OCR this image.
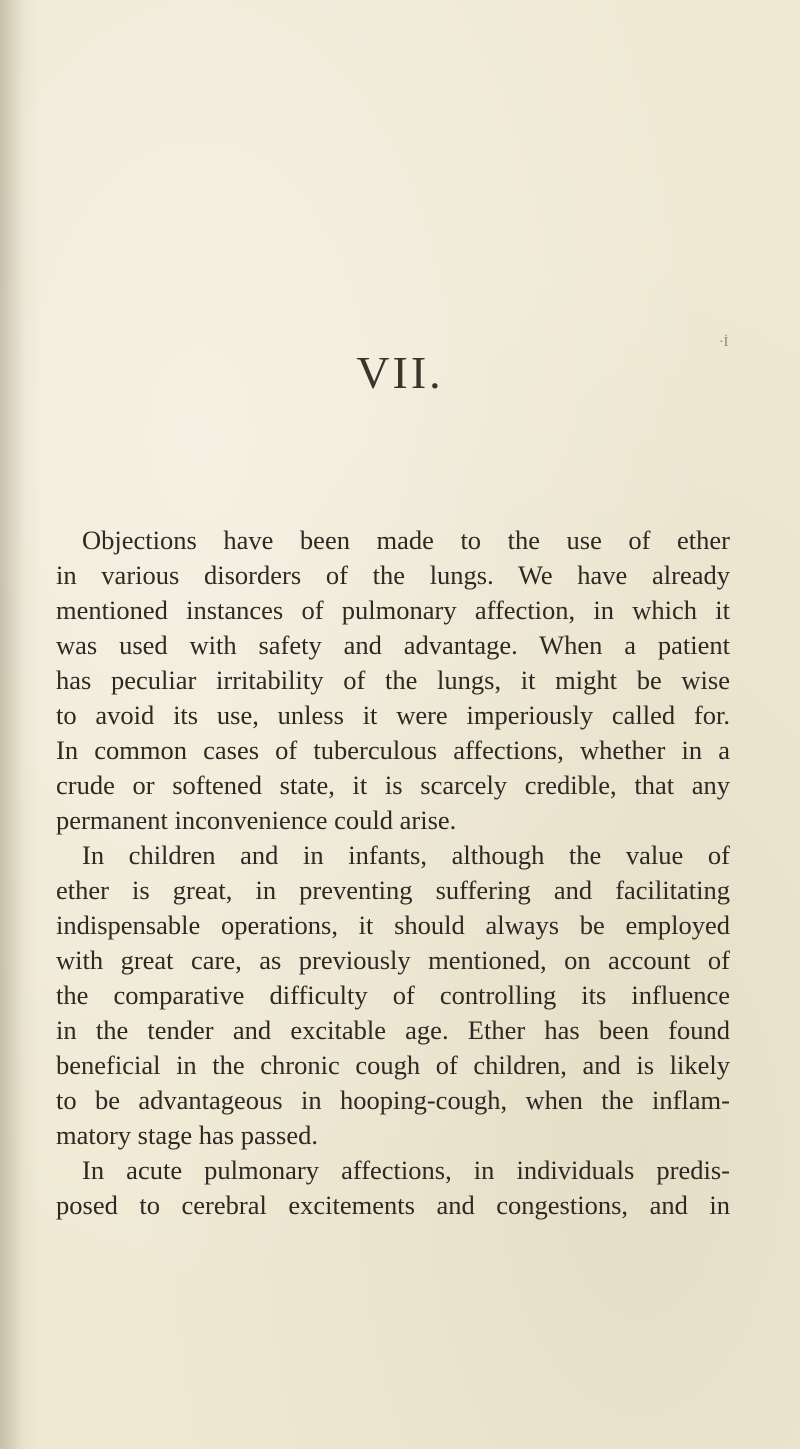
·İ
VII.
Objections have been made to the use of ether
in various disorders of the lungs. We have already
mentioned instances of pulmonary affection, in which it
was used with safety and advantage. When a patient
has peculiar irritability of the lungs, it might be wise
to avoid its use, unless it were imperiously called for.
In common cases of tuberculous affections, whether in a
crude or softened state, it is scarcely credible, that any
permanent inconvenience could arise.
In children and in infants, although the value of
ether is great, in preventing suffering and facilitating
indispensable operations, it should always be employed
with great care, as previously mentioned, on account of
the comparative difficulty of controlling its influence
in the tender and excitable age. Ether has been found
beneficial in the chronic cough of children, and is likely
to be advantageous in hooping-cough, when the inflam-
matory stage has passed.
In acute pulmonary affections, in individuals predis-
posed to cerebral excitements and congestions, and in
